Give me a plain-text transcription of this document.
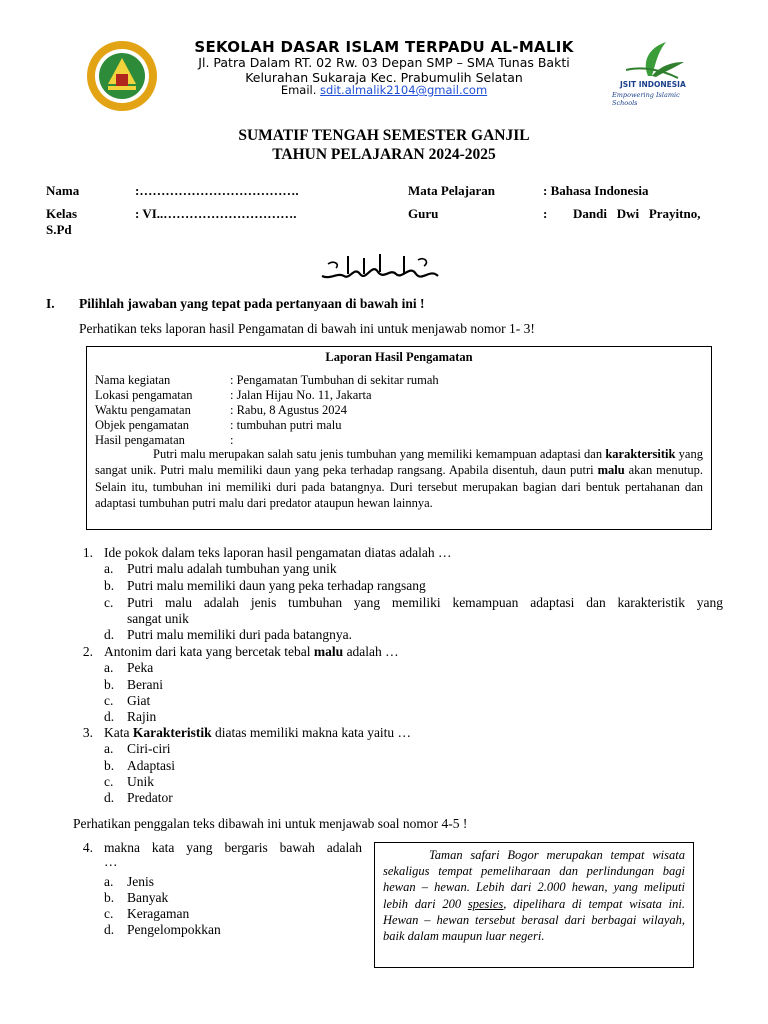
SEKOLAH DASAR ISLAM TERPADU AL-MALIK
Jl. Patra Dalam RT. 02 Rw. 03 Depan SMP – SMA Tunas Bakti
Kelurahan Sukaraja Kec. Prabumulih Selatan
Email. sdit.almalik2104@gmail.com	JSIT INDONESIA
Empowering Islamic Schools
SUMATIF TENGAH SEMESTER GANJIL
TAHUN PELAJARAN 2024-2025
Nama	:……………………………….	Mata Pelajaran	: Bahasa Indonesia
Kelas	: VI..………………………….	Guru	: Dandi   Dwi   Prayitno,
S.Pd
I. Pilihlah jawaban yang tepat pada pertanyaan di bawah ini !
Perhatikan teks laporan hasil Pengamatan di bawah ini untuk menjawab nomor 1- 3!
Laporan Hasil Pengamatan
Nama kegiatan	: Pengamatan Tumbuhan di sekitar rumah
Lokasi pengamatan	: Jalan Hijau No. 11, Jakarta
Waktu pengamatan	: Rabu, 8 Agustus 2024
Objek pengamatan	: tumbuhan putri malu
Hasil pengamatan	:
Putri malu merupakan salah satu jenis tumbuhan yang memiliki kemampuan adaptasi dan karaktersitik yang sangat unik. Putri malu memiliki daun yang peka terhadap rangsang. Apabila disentuh, daun putri malu akan menutup. Selain itu, tumbuhan ini memiliki duri pada batangnya. Duri tersebut merupakan bagian dari bentuk pertahanan dan adaptasi tumbuhan putri malu dari predator ataupun hewan lainnya.
1. Ide pokok dalam teks laporan hasil pengamatan diatas adalah …
a. Putri malu adalah tumbuhan yang unik
b. Putri malu memiliki daun yang peka terhadap rangsang
c. Putri malu adalah jenis tumbuhan yang memiliki kemampuan adaptasi dan karakteristik yang
sangat unik
d. Putri malu memiliki duri pada batangnya.
2. Antonim dari kata yang bercetak tebal malu adalah …
a. Peka
b. Berani
c. Giat
d. Rajin
3. Kata Karakteristik diatas memiliki makna kata yaitu …
a. Ciri-ciri
b. Adaptasi
c. Unik
d. Predator
Perhatikan penggalan teks dibawah ini untuk menjawab soal nomor 4-5 !
4. makna  kata  yang  bergaris  bawah  adalah
…
a. Jenis
b. Banyak
c. Keragaman
d. Pengelompokkan
Taman safari Bogor merupakan tempat wisata sekaligus tempat pemeliharaan dan perlindungan bagi hewan – hewan. Lebih dari 2.000 hewan, yang meliputi lebih dari 200 spesies, dipelihara di tempat wisata ini. Hewan – hewan tersebut berasal dari berbagai wilayah, baik dalam maupun luar negeri.
